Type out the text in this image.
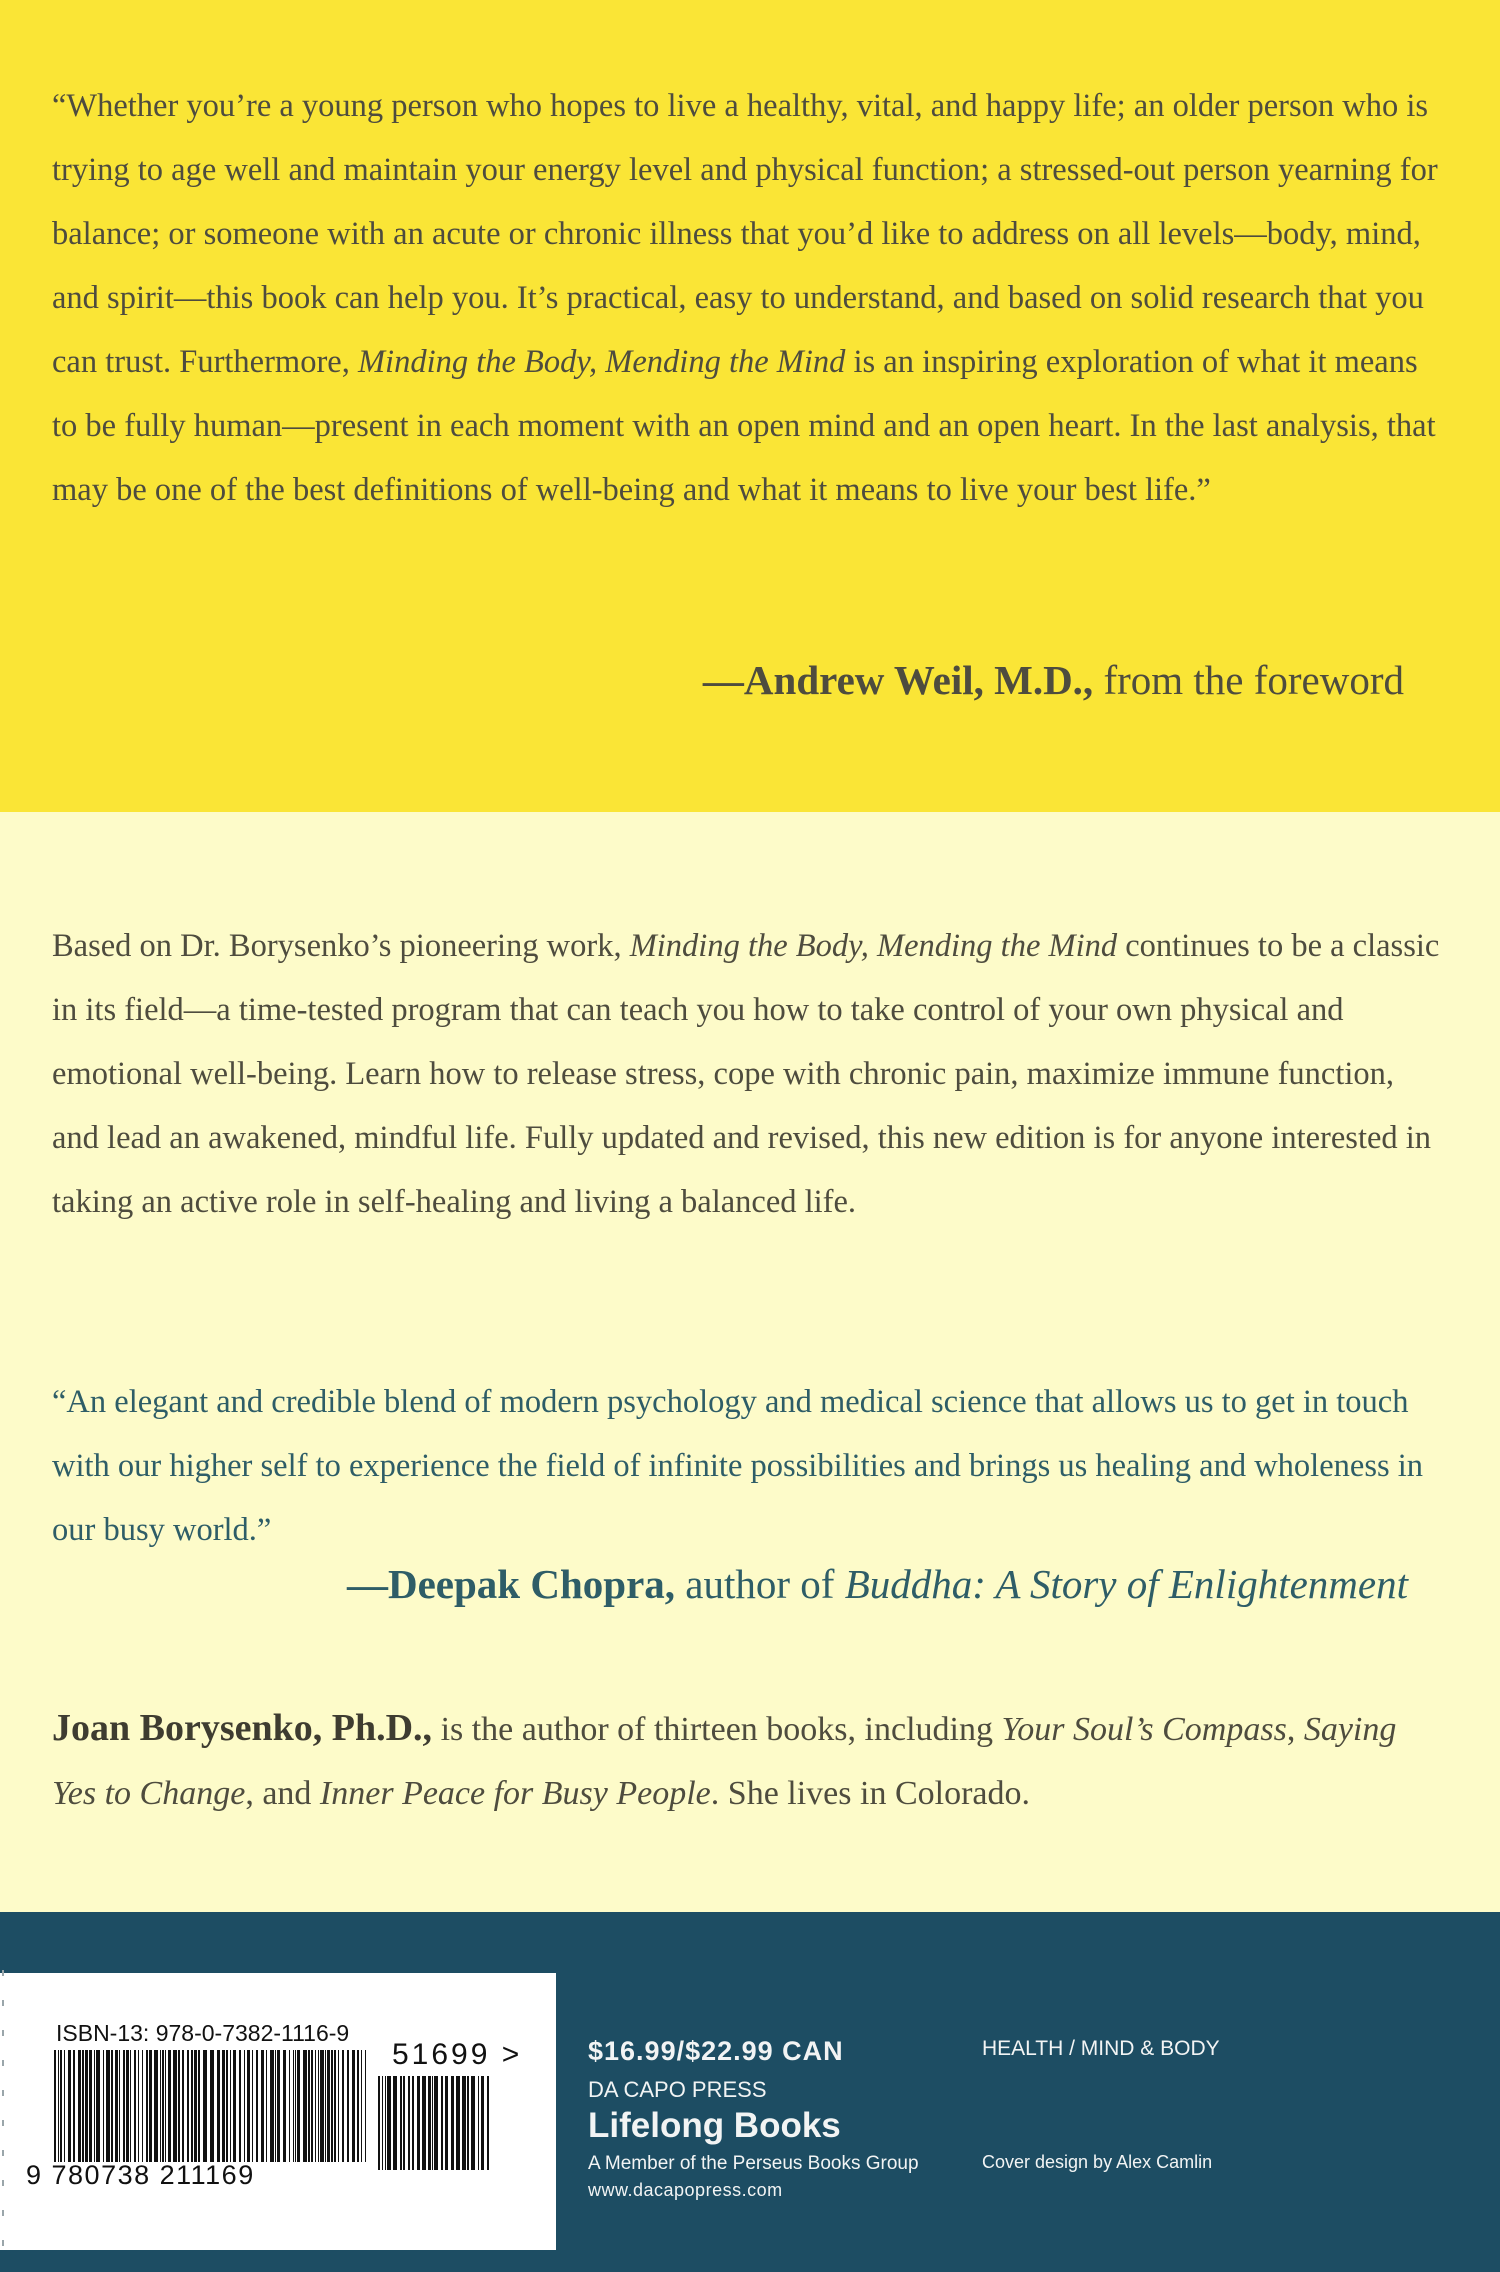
“Whether you’re a young person who hopes to live a healthy, vital, and happy life; an older person who is trying to age well and maintain your energy level and physical function; a stressed-out person yearning for balance; or someone with an acute or chronic illness that you’d like to address on all levels—body, mind, and spirit—this book can help you. It’s practical, easy to understand, and based on solid research that you can trust. Furthermore, Minding the Body, Mending the Mind is an inspiring exploration of what it means to be fully human—present in each moment with an open mind and an open heart. In the last analysis, that may be one of the best definitions of well-being and what it means to live your best life.”

—Andrew Weil, M.D., from the foreword

Based on Dr. Borysenko’s pioneering work, Minding the Body, Mending the Mind continues to be a classic in its field—a time-tested program that can teach you how to take control of your own physical and emotional well-being. Learn how to release stress, cope with chronic pain, maximize immune function, and lead an awakened, mindful life. Fully updated and revised, this new edition is for anyone interested in taking an active role in self-healing and living a balanced life.

“An elegant and credible blend of modern psychology and medical science that allows us to get in touch with our higher self to experience the field of infinite possibilities and brings us healing and wholeness in our busy world.”

—Deepak Chopra, author of Buddha: A Story of Enlightenment

Joan Borysenko, Ph.D., is the author of thirteen books, including Your Soul’s Compass, Saying Yes to Change, and Inner Peace for Busy People. She lives in Colorado.

ISBN-13: 978-0-7382-1116-9

9 780738 211169
51699 > $16.99/$22.99 CAN

DA CAPO PRESS

Lifelong Books

A Member of the Perseus Books Group

www.dacapopress.com

HEALTH / MIND & BODY

Cover design by Alex Camlin
